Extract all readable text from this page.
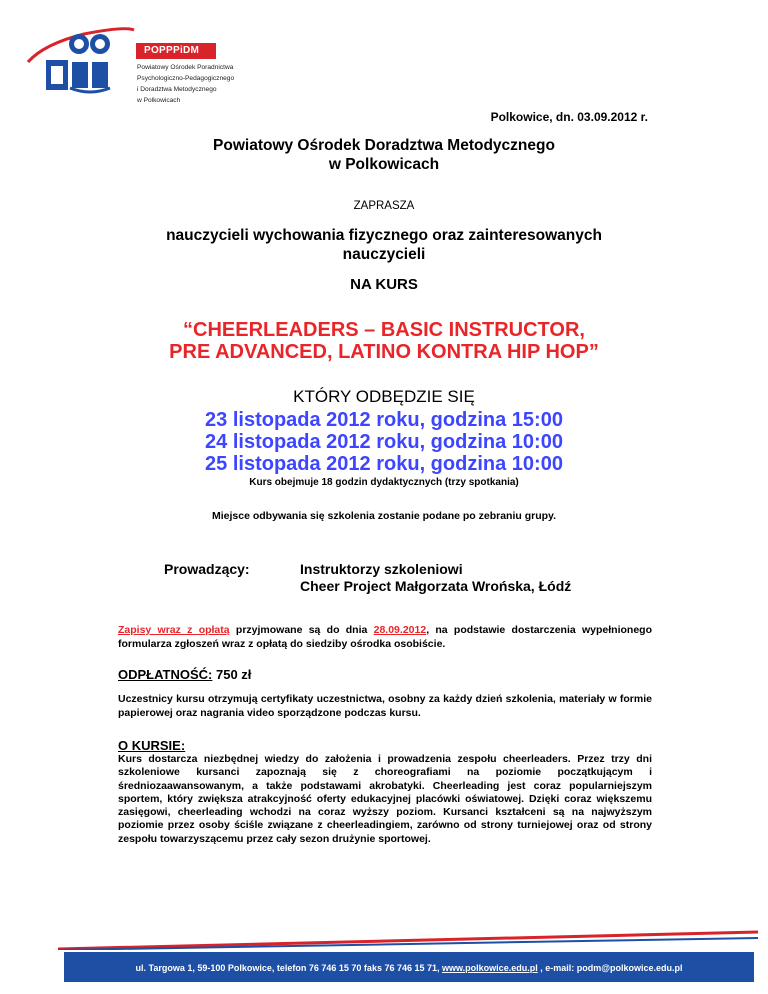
POPPPiDM
Powiatowy Ośrodek Poradnictwa
Psychologiczno-Pedagogicznego
i Doradztwa Metodycznego
w Polkowicach
Polkowice, dn. 03.09.2012 r.
Powiatowy Ośrodek Doradztwa Metodycznego
w Polkowicach
ZAPRASZA
nauczycieli wychowania fizycznego oraz zainteresowanych
nauczycieli
NA KURS
“CHEERLEADERS – BASIC INSTRUCTOR,
PRE ADVANCED, LATINO KONTRA HIP HOP”
KTÓRY ODBĘDZIE SIĘ
23 listopada 2012 roku, godzina 15:00
24 listopada 2012 roku, godzina 10:00
25 listopada 2012 roku, godzina 10:00
Kurs obejmuje 18 godzin dydaktycznych (trzy spotkania)
Miejsce odbywania się szkolenia zostanie podane po zebraniu grupy.
Prowadzący:	Instruktorzy szkoleniowi
Cheer Project Małgorzata Wrońska, Łódź
Zapisy wraz z opłatą przyjmowane są do dnia 28.09.2012, na podstawie dostarczenia wypełnionego formularza zgłoszeń wraz z opłatą do siedziby ośrodka osobiście.
ODPŁATNOŚĆ: 750 zł
Uczestnicy kursu otrzymują certyfikaty uczestnictwa, osobny za każdy dzień szkolenia, materiały w formie papierowej oraz nagrania video sporządzone podczas kursu.
O KURSIE:
Kurs dostarcza niezbędnej wiedzy do założenia i prowadzenia zespołu cheerleaders. Przez trzy dni szkoleniowe kursanci zapoznają się z choreografiami na poziomie początkującym i średniozaawansowanym, a także podstawami akrobatyki. Cheerleading jest coraz popularniejszym sportem, który zwiększa atrakcyjność oferty edukacyjnej placówki oświatowej. Dzięki coraz większemu zasięgowi, cheerleading wchodzi na coraz wyższy poziom. Kursanci kształceni są na najwyższym poziomie przez osoby ściśle związane z cheerleadingiem, zarówno od strony turniejowej oraz od strony zespołu towarzyszącemu przez cały sezon drużynie sportowej.
ul. Targowa 1, 59-100 Polkowice, telefon 76 746 15 70 faks 76 746 15 71, www.polkowice.edu.pl , e-mail: podm@polkowice.edu.pl
